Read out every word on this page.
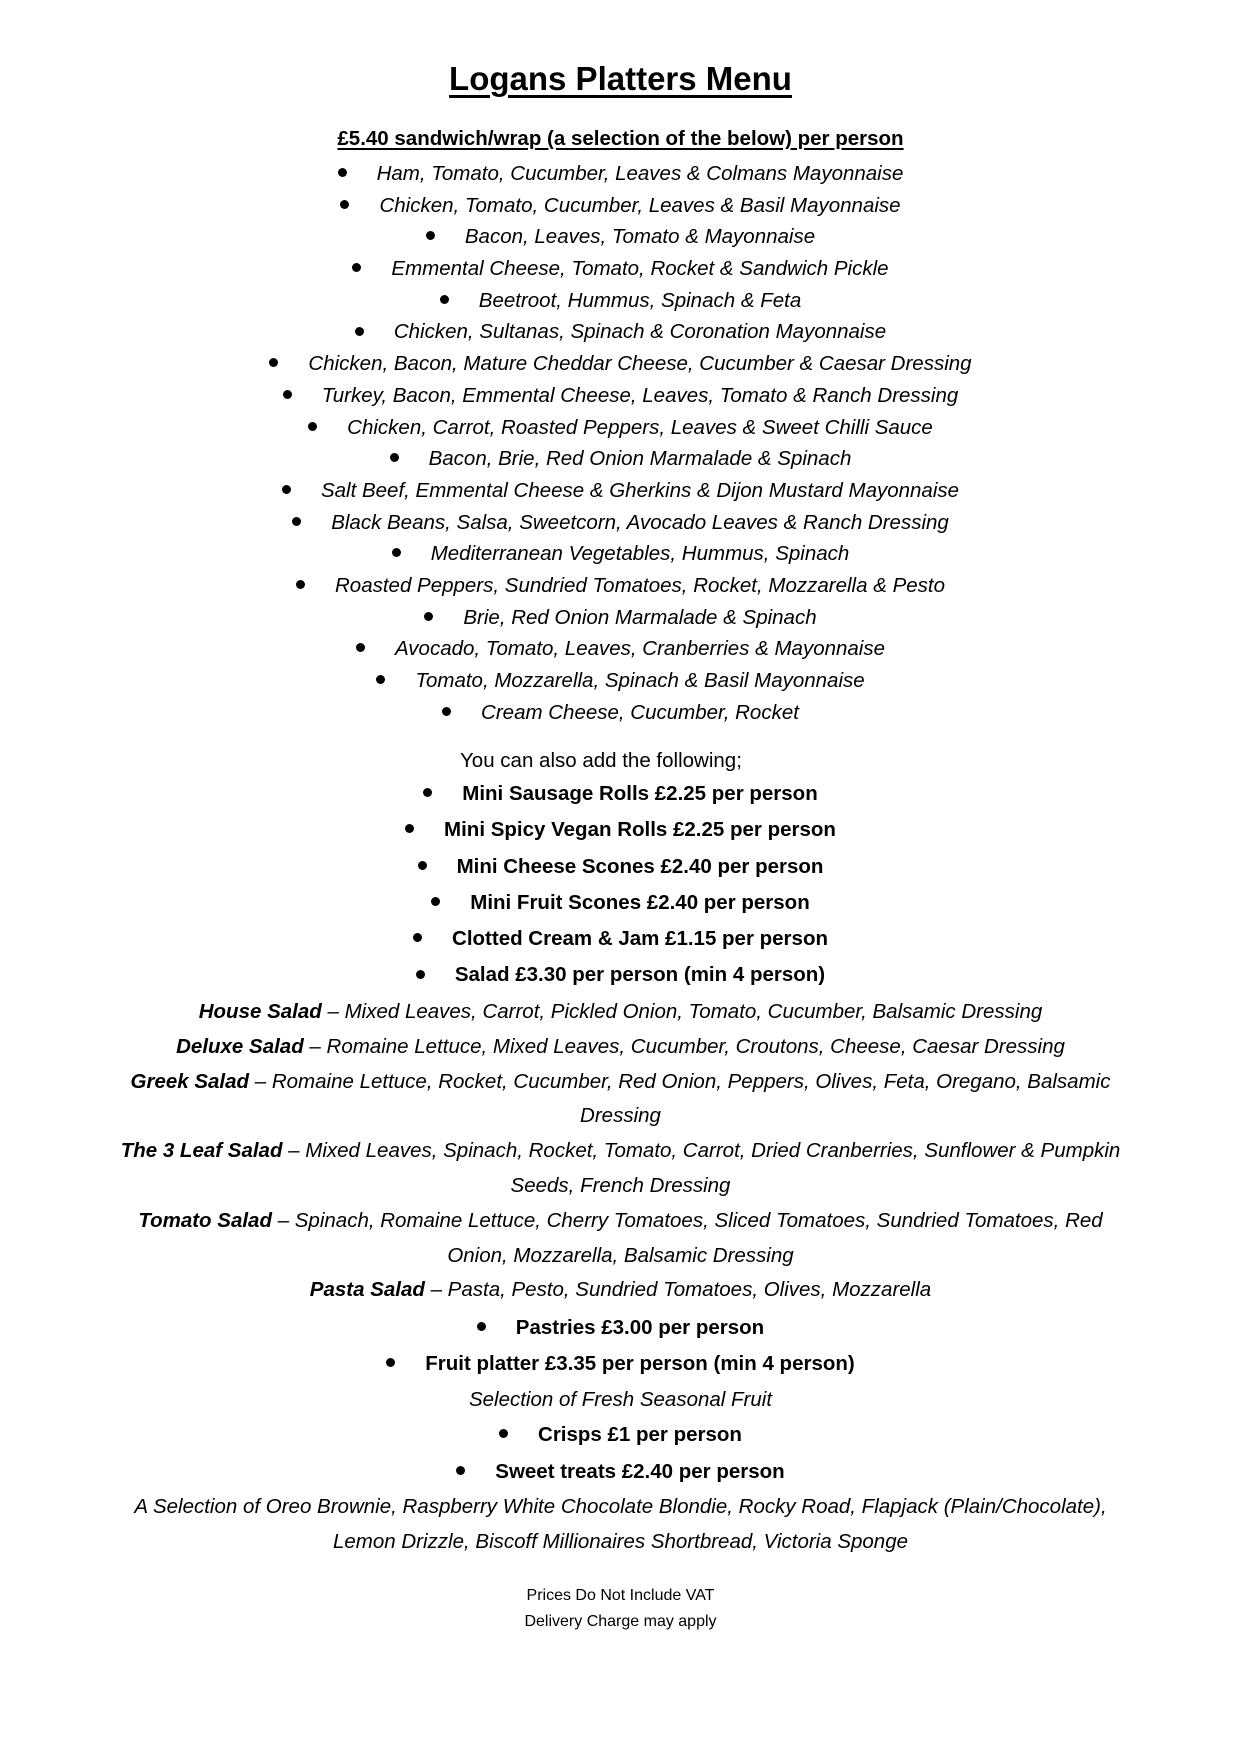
Logans Platters Menu
£5.40 sandwich/wrap (a selection of the below) per person
Ham, Tomato, Cucumber, Leaves & Colmans Mayonnaise
Chicken, Tomato, Cucumber, Leaves & Basil Mayonnaise
Bacon, Leaves, Tomato & Mayonnaise
Emmental Cheese, Tomato, Rocket & Sandwich Pickle
Beetroot, Hummus, Spinach & Feta
Chicken, Sultanas, Spinach & Coronation Mayonnaise
Chicken, Bacon, Mature Cheddar Cheese, Cucumber & Caesar Dressing
Turkey, Bacon, Emmental Cheese, Leaves, Tomato & Ranch Dressing
Chicken, Carrot, Roasted Peppers, Leaves & Sweet Chilli Sauce
Bacon, Brie, Red Onion Marmalade & Spinach
Salt Beef, Emmental Cheese & Gherkins & Dijon Mustard Mayonnaise
Black Beans, Salsa, Sweetcorn, Avocado Leaves & Ranch Dressing
Mediterranean Vegetables, Hummus, Spinach
Roasted Peppers, Sundried Tomatoes, Rocket, Mozzarella & Pesto
Brie, Red Onion Marmalade & Spinach
Avocado, Tomato, Leaves, Cranberries & Mayonnaise
Tomato, Mozzarella, Spinach & Basil Mayonnaise
Cream Cheese, Cucumber, Rocket
You can also add the following;
Mini Sausage Rolls £2.25 per person
Mini Spicy Vegan Rolls £2.25 per person
Mini Cheese Scones £2.40 per person
Mini Fruit Scones £2.40 per person
Clotted Cream & Jam £1.15 per person
Salad £3.30 per person (min 4 person)

House Salad – Mixed Leaves, Carrot, Pickled Onion, Tomato, Cucumber, Balsamic Dressing

Deluxe Salad – Romaine Lettuce, Mixed Leaves, Cucumber, Croutons, Cheese, Caesar Dressing

Greek Salad – Romaine Lettuce, Rocket, Cucumber, Red Onion, Peppers, Olives, Feta, Oregano, Balsamic Dressing

The 3 Leaf Salad – Mixed Leaves, Spinach, Rocket, Tomato, Carrot, Dried Cranberries, Sunflower & Pumpkin Seeds, French Dressing

Tomato Salad – Spinach, Romaine Lettuce, Cherry Tomatoes, Sliced Tomatoes, Sundried Tomatoes, Red Onion, Mozzarella, Balsamic Dressing

Pasta Salad – Pasta, Pesto, Sundried Tomatoes, Olives, Mozzarella

Pastries £3.00 per person
Fruit platter £3.35 per person (min 4 person)
Selection of Fresh Seasonal Fruit
Crisps £1 per person
Sweet treats £2.40 per person
A Selection of Oreo Brownie, Raspberry White Chocolate Blondie, Rocky Road, Flapjack (Plain/Chocolate), Lemon Drizzle, Biscoff Millionaires Shortbread, Victoria Sponge
Prices Do Not Include VAT
Delivery Charge may apply
